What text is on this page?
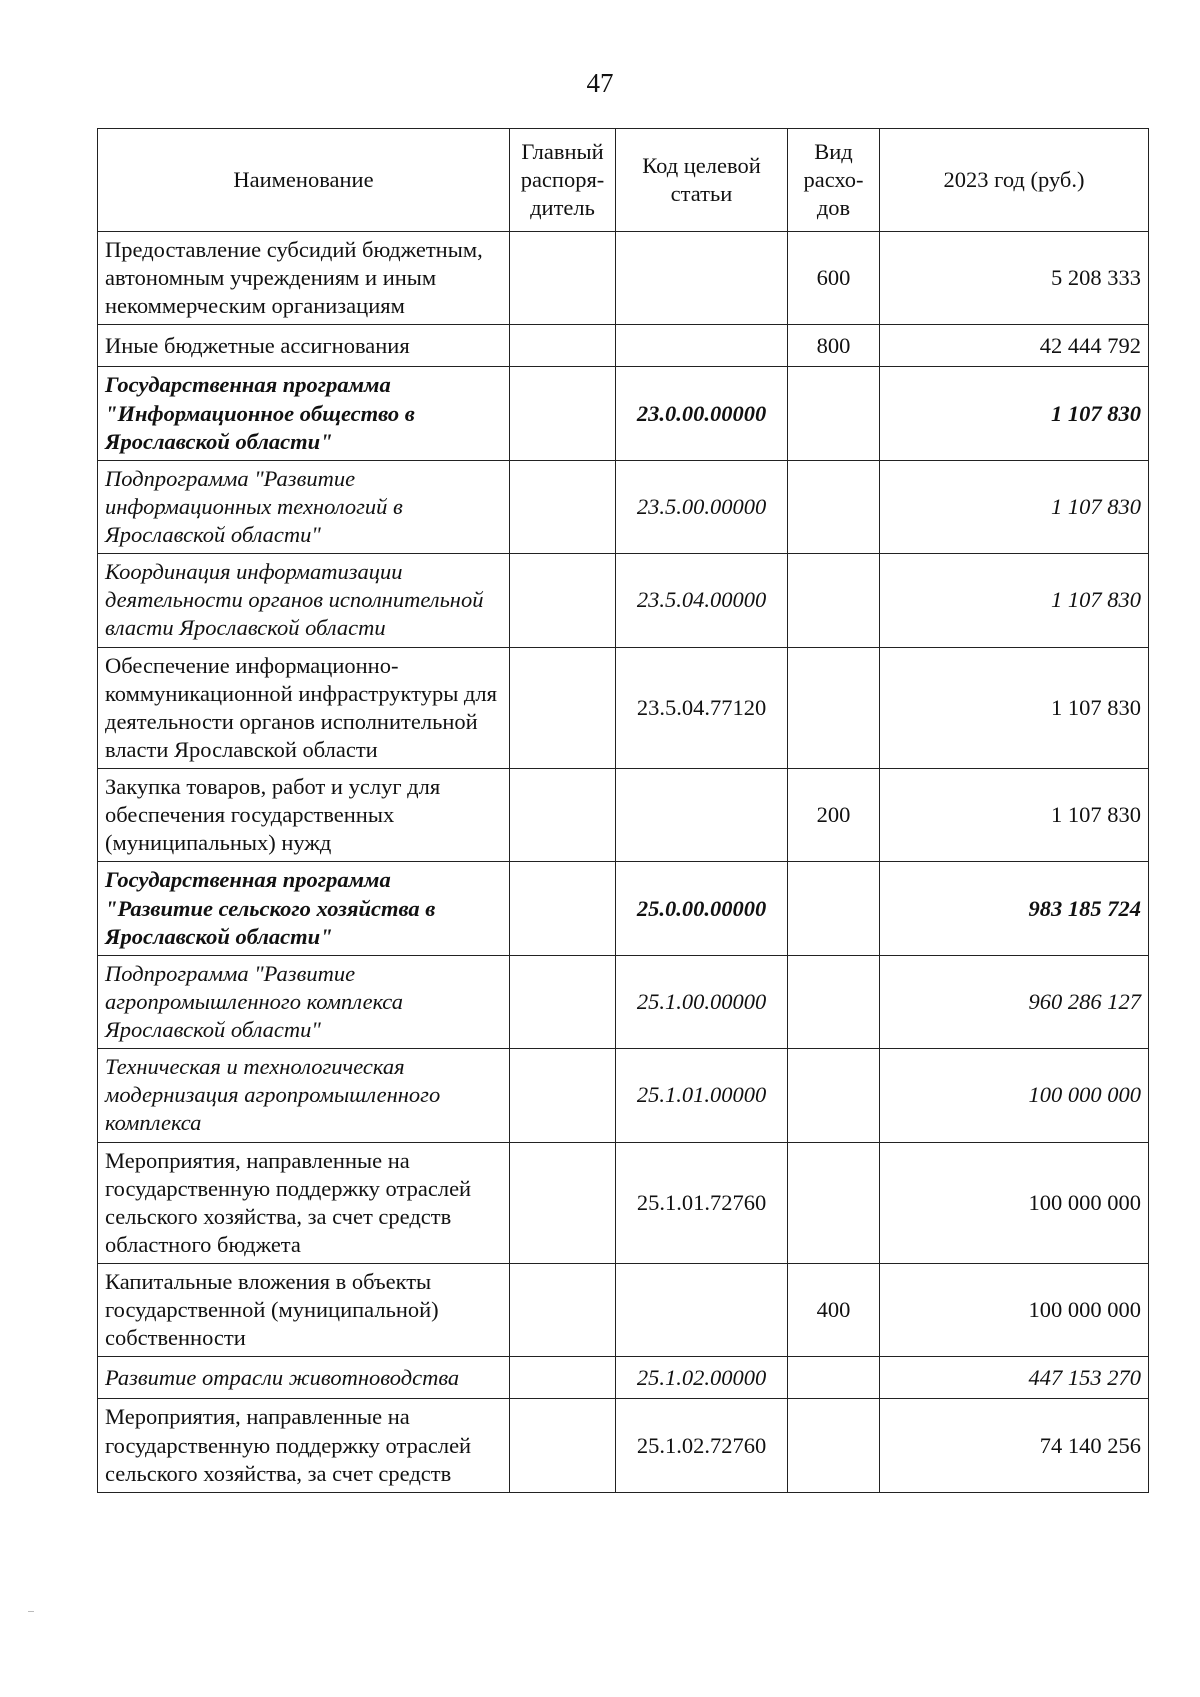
47
Наименование	Главный распоря-дитель	Код целевой статьи	Вид расхо-дов	2023 год (руб.)
Предоставление субсидий бюджетным, автономным учреждениям и иным некоммерческим организациям			600	5 208 333
Иные бюджетные ассигнования			800	42 444 792
Государственная программа "Информационное общество в Ярославской области"		23.0.00.00000		1 107 830
Подпрограмма "Развитие информационных технологий в Ярославской области"		23.5.00.00000		1 107 830
Координация информатизации деятельности органов исполнительной власти Ярославской области		23.5.04.00000		1 107 830
Обеспечение информационно-коммуникационной инфраструктуры для деятельности органов исполнительной власти Ярославской области		23.5.04.77120		1 107 830
Закупка товаров, работ и услуг для обеспечения государственных (муниципальных) нужд			200	1 107 830
Государственная программа "Развитие сельского хозяйства в Ярославской области"		25.0.00.00000		983 185 724
Подпрограмма "Развитие агропромышленного комплекса Ярославской области"		25.1.00.00000		960 286 127
Техническая и технологическая модернизация агропромышленного комплекса		25.1.01.00000		100 000 000
Мероприятия, направленные на государственную поддержку отраслей сельского хозяйства, за счет средств областного бюджета		25.1.01.72760		100 000 000
Капитальные вложения в объекты государственной (муниципальной) собственности			400	100 000 000
Развитие отрасли животноводства		25.1.02.00000		447 153 270
Мероприятия, направленные на государственную поддержку отраслей сельского хозяйства, за счет средств		25.1.02.72760		74 140 256
